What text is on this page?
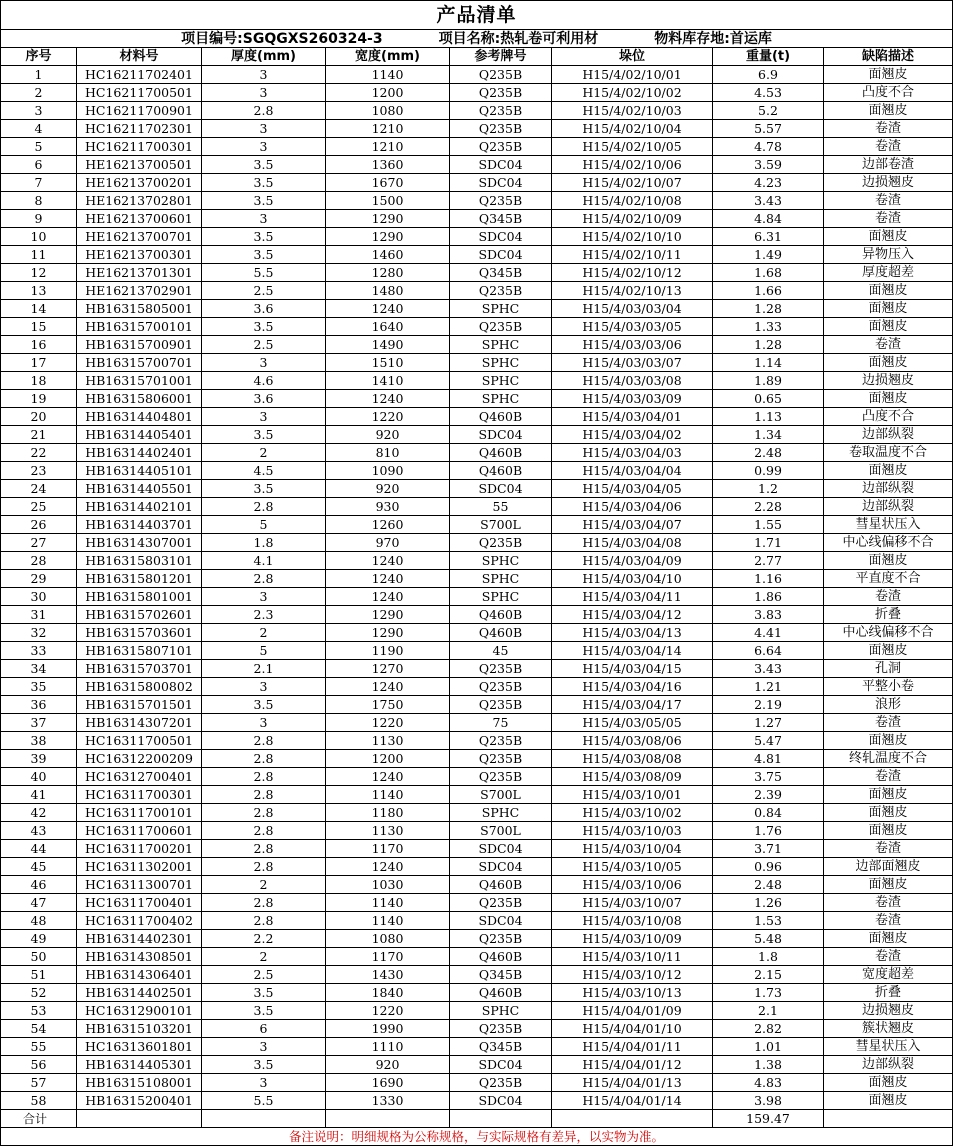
产品清单							
项目编号:SGQGXS260324-3 项目名称:热轧卷可利用材 物料库存地:首运库							
序号	材料号	厚度(mm)	宽度(mm)	参考牌号	垛位	重量(t)	缺陷描述
1	HC16211702401	3	1140	Q235B	H15/4/02/10/01	6.9	面翘皮
2	HC16211700501	3	1200	Q235B	H15/4/02/10/02	4.53	凸度不合
3	HC16211700901	2.8	1080	Q235B	H15/4/02/10/03	5.2	面翘皮
4	HC16211702301	3	1210	Q235B	H15/4/02/10/04	5.57	卷渣
5	HC16211700301	3	1210	Q235B	H15/4/02/10/05	4.78	卷渣
6	HE16213700501	3.5	1360	SDC04	H15/4/02/10/06	3.59	边部卷渣
7	HE16213700201	3.5	1670	SDC04	H15/4/02/10/07	4.23	边损翘皮
8	HE16213702801	3.5	1500	Q235B	H15/4/02/10/08	3.43	卷渣
9	HE16213700601	3	1290	Q345B	H15/4/02/10/09	4.84	卷渣
10	HE16213700701	3.5	1290	SDC04	H15/4/02/10/10	6.31	面翘皮
11	HE16213700301	3.5	1460	SDC04	H15/4/02/10/11	1.49	异物压入
12	HE16213701301	5.5	1280	Q345B	H15/4/02/10/12	1.68	厚度超差
13	HE16213702901	2.5	1480	Q235B	H15/4/02/10/13	1.66	面翘皮
14	HB16315805001	3.6	1240	SPHC	H15/4/03/03/04	1.28	面翘皮
15	HB16315700101	3.5	1640	Q235B	H15/4/03/03/05	1.33	面翘皮
16	HB16315700901	2.5	1490	SPHC	H15/4/03/03/06	1.28	卷渣
17	HB16315700701	3	1510	SPHC	H15/4/03/03/07	1.14	面翘皮
18	HB16315701001	4.6	1410	SPHC	H15/4/03/03/08	1.89	边损翘皮
19	HB16315806001	3.6	1240	SPHC	H15/4/03/03/09	0.65	面翘皮
20	HB16314404801	3	1220	Q460B	H15/4/03/04/01	1.13	凸度不合
21	HB16314405401	3.5	920	SDC04	H15/4/03/04/02	1.34	边部纵裂
22	HB16314402401	2	810	Q460B	H15/4/03/04/03	2.48	卷取温度不合
23	HB16314405101	4.5	1090	Q460B	H15/4/03/04/04	0.99	面翘皮
24	HB16314405501	3.5	920	SDC04	H15/4/03/04/05	1.2	边部纵裂
25	HB16314402101	2.8	930	55	H15/4/03/04/06	2.28	边部纵裂
26	HB16314403701	5	1260	S700L	H15/4/03/04/07	1.55	彗星状压入
27	HB16314307001	1.8	970	Q235B	H15/4/03/04/08	1.71	中心线偏移不合
28	HB16315803101	4.1	1240	SPHC	H15/4/03/04/09	2.77	面翘皮
29	HB16315801201	2.8	1240	SPHC	H15/4/03/04/10	1.16	平直度不合
30	HB16315801001	3	1240	SPHC	H15/4/03/04/11	1.86	卷渣
31	HB16315702601	2.3	1290	Q460B	H15/4/03/04/12	3.83	折叠
32	HB16315703601	2	1290	Q460B	H15/4/03/04/13	4.41	中心线偏移不合
33	HB16315807101	5	1190	45	H15/4/03/04/14	6.64	面翘皮
34	HB16315703701	2.1	1270	Q235B	H15/4/03/04/15	3.43	孔洞
35	HB16315800802	3	1240	Q235B	H15/4/03/04/16	1.21	平整小卷
36	HB16315701501	3.5	1750	Q235B	H15/4/03/04/17	2.19	浪形
37	HB16314307201	3	1220	75	H15/4/03/05/05	1.27	卷渣
38	HC16311700501	2.8	1130	Q235B	H15/4/03/08/06	5.47	面翘皮
39	HC16312200209	2.8	1200	Q235B	H15/4/03/08/08	4.81	终轧温度不合
40	HC16312700401	2.8	1240	Q235B	H15/4/03/08/09	3.75	卷渣
41	HC16311700301	2.8	1140	S700L	H15/4/03/10/01	2.39	面翘皮
42	HC16311700101	2.8	1180	SPHC	H15/4/03/10/02	0.84	面翘皮
43	HC16311700601	2.8	1130	S700L	H15/4/03/10/03	1.76	面翘皮
44	HC16311700201	2.8	1170	SDC04	H15/4/03/10/04	3.71	卷渣
45	HC16311302001	2.8	1240	SDC04	H15/4/03/10/05	0.96	边部面翘皮
46	HC16311300701	2	1030	Q460B	H15/4/03/10/06	2.48	面翘皮
47	HC16311700401	2.8	1140	Q235B	H15/4/03/10/07	1.26	卷渣
48	HC16311700402	2.8	1140	SDC04	H15/4/03/10/08	1.53	卷渣
49	HB16314402301	2.2	1080	Q235B	H15/4/03/10/09	5.48	面翘皮
50	HB16314308501	2	1170	Q460B	H15/4/03/10/11	1.8	卷渣
51	HB16314306401	2.5	1430	Q345B	H15/4/03/10/12	2.15	宽度超差
52	HB16314402501	3.5	1840	Q460B	H15/4/03/10/13	1.73	折叠
53	HC16312900101	3.5	1220	SPHC	H15/4/04/01/09	2.1	边损翘皮
54	HB16315103201	6	1990	Q235B	H15/4/04/01/10	2.82	簇状翘皮
55	HC16313601801	3	1110	Q345B	H15/4/04/01/11	1.01	彗星状压入
56	HB16314405301	3.5	920	SDC04	H15/4/04/01/12	1.38	边部纵裂
57	HB16315108001	3	1690	Q235B	H15/4/04/01/13	4.83	面翘皮
58	HB16315200401	5.5	1330	SDC04	H15/4/04/01/14	3.98	面翘皮
合计						159.47	
备注说明：明细规格为公称规格，与实际规格有差异，以实物为准。							
